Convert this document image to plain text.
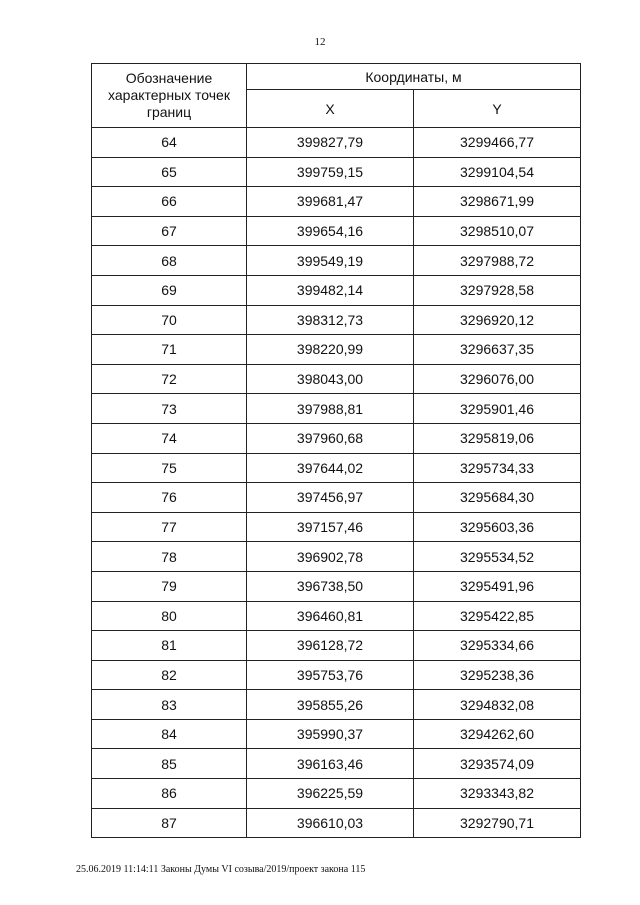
12
Обозначение характерных точек границ	Координаты, м	
	X	Y
64	399827,79	3299466,77
65	399759,15	3299104,54
66	399681,47	3298671,99
67	399654,16	3298510,07
68	399549,19	3297988,72
69	399482,14	3297928,58
70	398312,73	3296920,12
71	398220,99	3296637,35
72	398043,00	3296076,00
73	397988,81	3295901,46
74	397960,68	3295819,06
75	397644,02	3295734,33
76	397456,97	3295684,30
77	397157,46	3295603,36
78	396902,78	3295534,52
79	396738,50	3295491,96
80	396460,81	3295422,85
81	396128,72	3295334,66
82	395753,76	3295238,36
83	395855,26	3294832,08
84	395990,37	3294262,60
85	396163,46	3293574,09
86	396225,59	3293343,82
87	396610,03	3292790,71
25.06.2019 11:14:11 Законы Думы VI созыва/2019/проект закона 115
